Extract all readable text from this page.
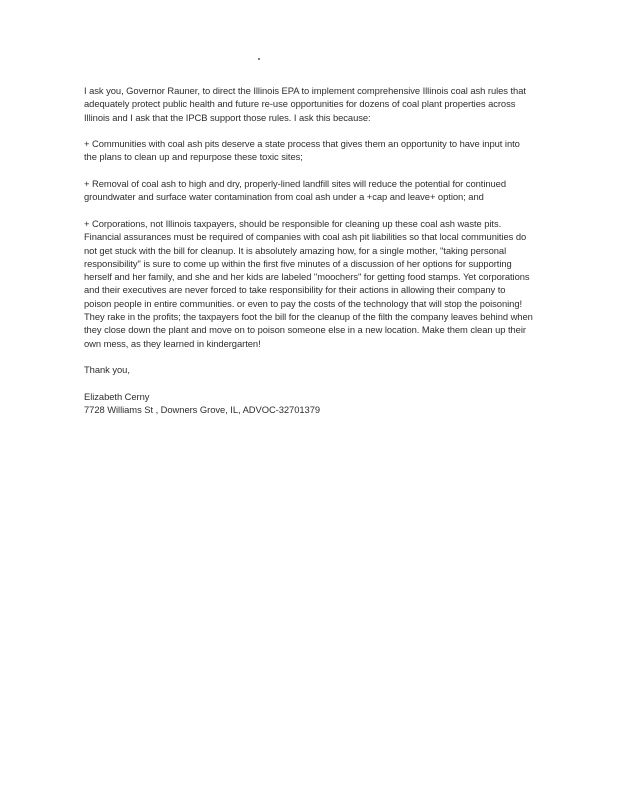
I ask you, Governor Rauner, to direct the Illinois EPA to implement comprehensive Illinois coal ash rules that adequately protect public health and future re-use opportunities for dozens of coal plant properties across Illinois and I ask that the IPCB support those rules. I ask this because:

+ Communities with coal ash pits deserve a state process that gives them an opportunity to have input into the plans to clean up and repurpose these toxic sites;

+ Removal of coal ash to high and dry, properly-lined landfill sites will reduce the potential for continued groundwater and surface water contamination from coal ash under a +cap and leave+ option; and

+ Corporations, not Illinois taxpayers, should be responsible for cleaning up these coal ash waste pits. Financial assurances must be required of companies with coal ash pit liabilities so that local communities do not get stuck with the bill for cleanup. It is absolutely amazing how, for a single mother, "taking personal responsibility" is sure to come up within the first five minutes of a discussion of her options for supporting herself and her family, and she and her kids are labeled "moochers" for getting food stamps. Yet corporations and their executives are never forced to take responsibility for their actions in allowing their company to poison people in entire communities. or even to pay the costs of the technology that will stop the poisoning! They rake in the profits; the taxpayers foot the bill for the cleanup of the filth the company leaves behind when they close down the plant and move on to poison someone else in a new location. Make them clean up their own mess, as they learned in kindergarten!

Thank you,

Elizabeth Cerny
7728 Williams St , Downers Grove, IL, ADVOC-32701379
